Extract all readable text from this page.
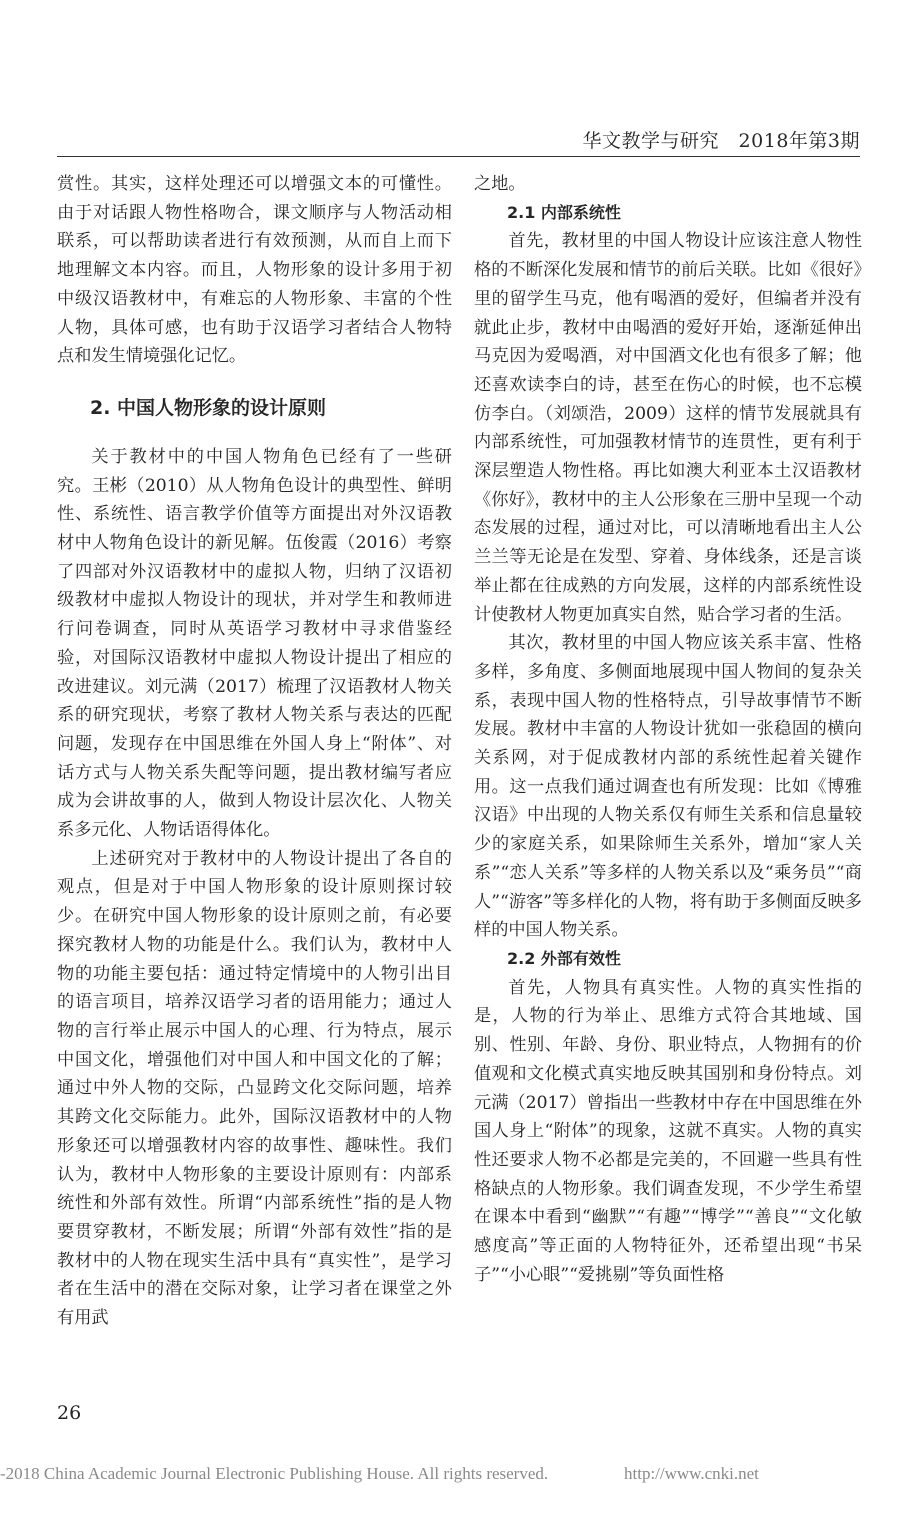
华文教学与研究　2018年第3期

赏性。其实，这样处理还可以增强文本的可懂性。由于对话跟人物性格吻合，课文顺序与人物活动相联系，可以帮助读者进行有效预测，从而自上而下地理解文本内容。而且，人物形象的设计多用于初中级汉语教材中，有难忘的人物形象、丰富的个性人物，具体可感，也有助于汉语学习者结合人物特点和发生情境强化记忆。

2. 中国人物形象的设计原则

关于教材中的中国人物角色已经有了一些研究。王彬（2010）从人物角色设计的典型性、鲜明性、系统性、语言教学价值等方面提出对外汉语教材中人物角色设计的新见解。伍俊霞（2016）考察了四部对外汉语教材中的虚拟人物，归纳了汉语初级教材中虚拟人物设计的现状，并对学生和教师进行问卷调查，同时从英语学习教材中寻求借鉴经验，对国际汉语教材中虚拟人物设计提出了相应的改进建议。刘元满（2017）梳理了汉语教材人物关系的研究现状，考察了教材人物关系与表达的匹配问题，发现存在中国思维在外国人身上“附体”、对话方式与人物关系失配等问题，提出教材编写者应成为会讲故事的人，做到人物设计层次化、人物关系多元化、人物话语得体化。

上述研究对于教材中的人物设计提出了各自的观点，但是对于中国人物形象的设计原则探讨较少。在研究中国人物形象的设计原则之前，有必要探究教材人物的功能是什么。我们认为，教材中人物的功能主要包括：通过特定情境中的人物引出目的语言项目，培养汉语学习者的语用能力；通过人物的言行举止展示中国人的心理、行为特点，展示中国文化，增强他们对中国人和中国文化的了解；通过中外人物的交际，凸显跨文化交际问题，培养其跨文化交际能力。此外，国际汉语教材中的人物形象还可以增强教材内容的故事性、趣味性。我们认为，教材中人物形象的主要设计原则有：内部系统性和外部有效性。所谓“内部系统性”指的是人物要贯穿教材，不断发展；所谓“外部有效性”指的是教材中的人物在现实生活中具有“真实性”，是学习者在生活中的潜在交际对象，让学习者在课堂之外有用武

之地。

2.1 内部系统性

首先，教材里的中国人物设计应该注意人物性格的不断深化发展和情节的前后关联。比如《很好》里的留学生马克，他有喝酒的爱好，但编者并没有就此止步，教材中由喝酒的爱好开始，逐渐延伸出马克因为爱喝酒，对中国酒文化也有很多了解；他还喜欢读李白的诗，甚至在伤心的时候，也不忘模仿李白。（刘颂浩，2009）这样的情节发展就具有内部系统性，可加强教材情节的连贯性，更有利于深层塑造人物性格。再比如澳大利亚本土汉语教材《你好》，教材中的主人公形象在三册中呈现一个动态发展的过程，通过对比，可以清晰地看出主人公兰兰等无论是在发型、穿着、身体线条，还是言谈举止都在往成熟的方向发展，这样的内部系统性设计使教材人物更加真实自然，贴合学习者的生活。

其次，教材里的中国人物应该关系丰富、性格多样，多角度、多侧面地展现中国人物间的复杂关系，表现中国人物的性格特点，引导故事情节不断发展。教材中丰富的人物设计犹如一张稳固的横向关系网，对于促成教材内部的系统性起着关键作用。这一点我们通过调查也有所发现：比如《博雅汉语》中出现的人物关系仅有师生关系和信息量较少的家庭关系，如果除师生关系外，增加“家人关系”“恋人关系”等多样的人物关系以及“乘务员”“商人”“游客”等多样化的人物，将有助于多侧面反映多样的中国人物关系。

2.2 外部有效性

首先，人物具有真实性。人物的真实性指的是，人物的行为举止、思维方式符合其地域、国别、性别、年龄、身份、职业特点，人物拥有的价值观和文化模式真实地反映其国别和身份特点。刘元满（2017）曾指出一些教材中存在中国思维在外国人身上“附体”的现象，这就不真实。人物的真实性还要求人物不必都是完美的，不回避一些具有性格缺点的人物形象。我们调查发现，不少学生希望在课本中看到“幽默”“有趣”“博学”“善良”“文化敏感度高”等正面的人物特征外，还希望出现“书呆子”“小心眼”“爱挑剔”等负面性格

26
-2018 China Academic Journal Electronic Publishing House. All rights reserved.	http://www.cnki.net
